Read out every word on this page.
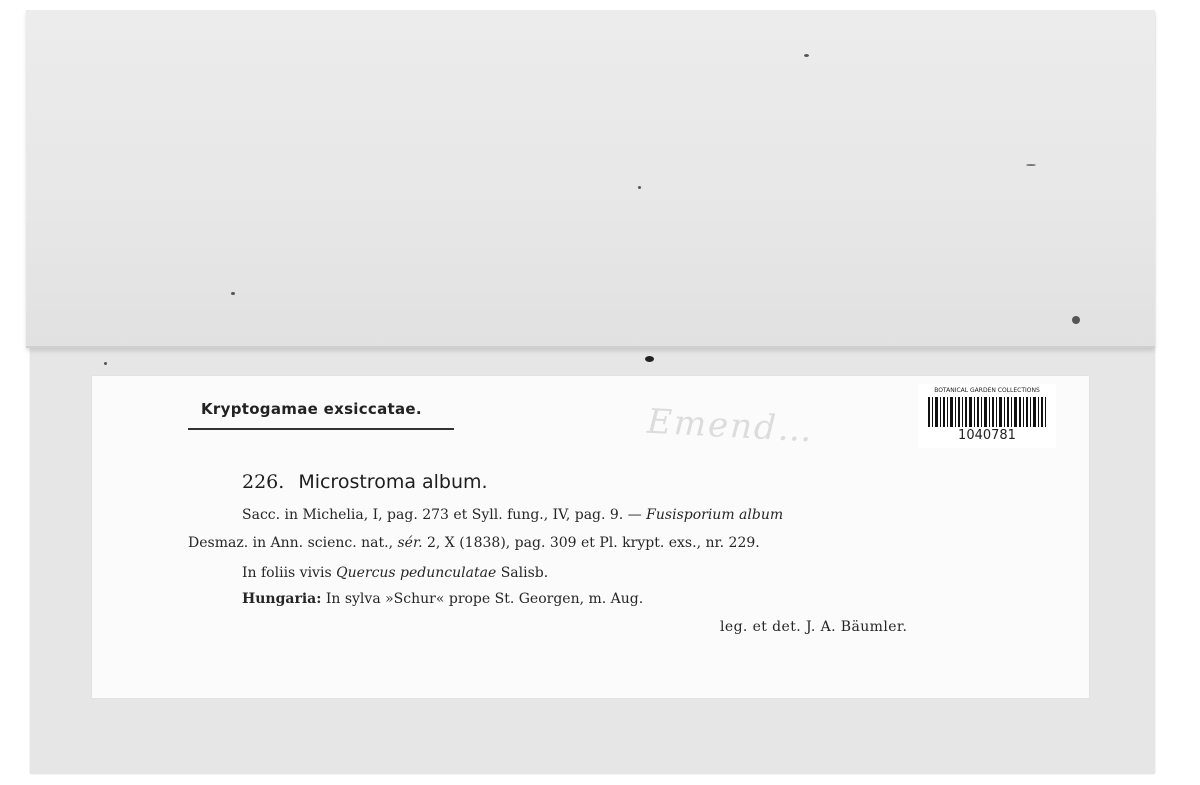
Kryptogamae exsiccatae.	Emend…
BOTANICAL GARDEN COLLECTIONS
1040781
226. Microstroma album.
Sacc. in Michelia, I, pag. 273 et Syll. fung., IV, pag. 9. — Fusisporium album
Desmaz. in Ann. scienc. nat., sér. 2, X (1838), pag. 309 et Pl. krypt. exs., nr. 229.
In foliis vivis Quercus pedunculatae Salisb.
Hungaria: In sylva »Schur« prope St. Georgen, m. Aug.
leg. et det. J. A. Bäumler.
